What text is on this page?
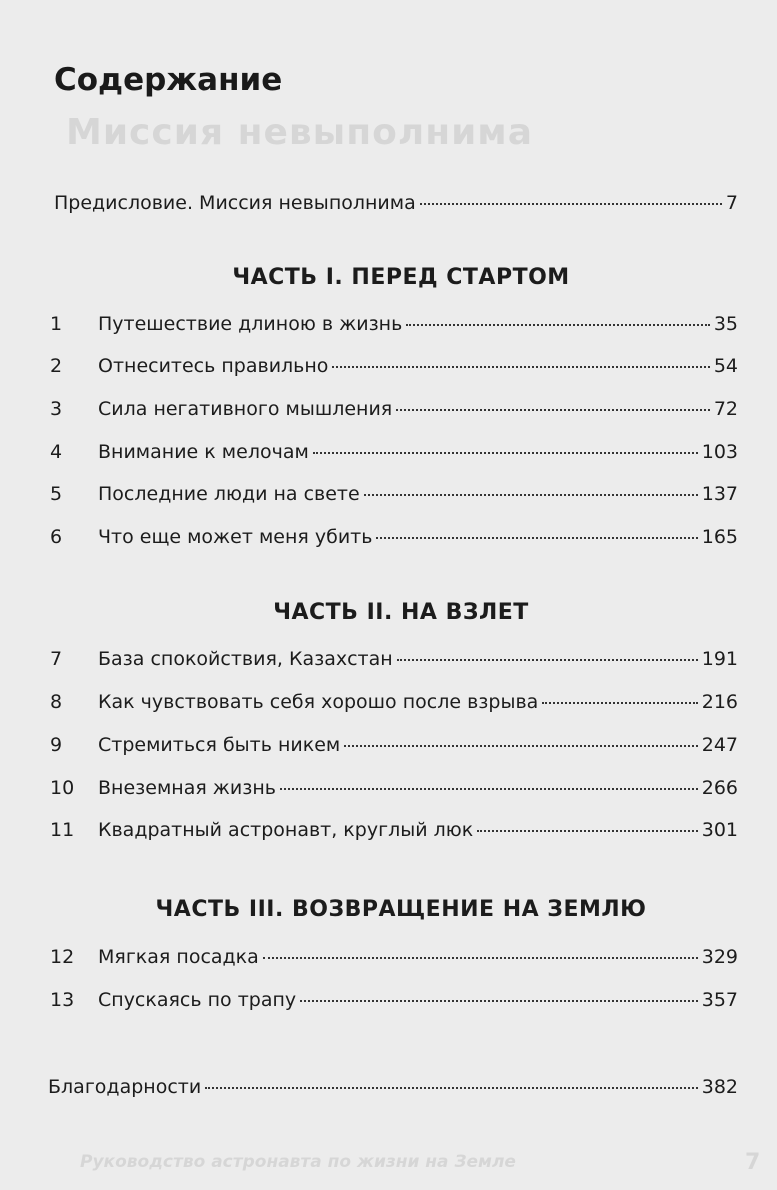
Миссия невыполнима
Руководство астронавта по жизни на Земле	7
Содержание
Предисловие. Миссия невыполнима	7
ЧАСТЬ I. ПЕРЕД СТАРТОМ
1	Путешествие длиною в жизнь	35
2	Отнеситесь правильно	54
3	Сила негативного мышления	72
4	Внимание к мелочам	103
5	Последние люди на свете	137
6	Что еще может меня убить	165
ЧАСТЬ II. НА ВЗЛЕТ
7	База спокойствия, Казахстан	191
8	Как чувствовать себя хорошо после взрыва	216
9	Стремиться быть никем	247
10	Внеземная жизнь	266
11	Квадратный астронавт, круглый люк	301
ЧАСТЬ III. ВОЗВРАЩЕНИЕ НА ЗЕМЛЮ
12	Мягкая посадка	329
13	Спускаясь по трапу	357
Благодарности	382
